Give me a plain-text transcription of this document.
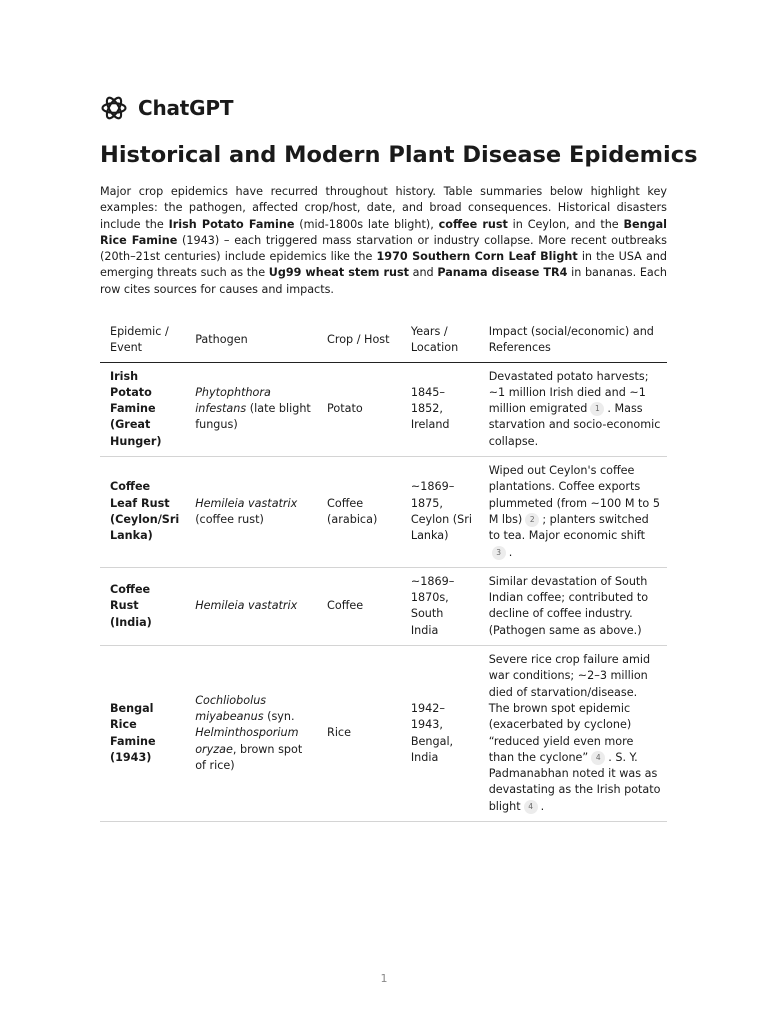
ChatGPT
Historical and Modern Plant Disease Epidemics

Major crop epidemics have recurred throughout history. Table summaries below highlight key examples: the pathogen, affected crop/host, date, and broad consequences. Historical disasters include the Irish Potato Famine (mid-1800s late blight), coffee rust in Ceylon, and the Bengal Rice Famine (1943) – each triggered mass starvation or industry collapse. More recent outbreaks (20th–21st centuries) include epidemics like the 1970 Southern Corn Leaf Blight in the USA and emerging threats such as the Ug99 wheat stem rust and Panama disease TR4 in bananas. Each row cites sources for causes and impacts.

Epidemic / Event	Pathogen	Crop / Host	Years / Location	Impact (social/economic) and References
Irish Potato Famine (Great Hunger)	Phytophthora infestans (late blight fungus)	Potato	1845–1852, Ireland	Devastated potato harvests; ~1 million Irish died and ~1 million emigrated 1 . Mass starvation and socio-economic collapse.
Coffee Leaf Rust (Ceylon/Sri Lanka)	Hemileia vastatrix (coffee rust)	Coffee (arabica)	~1869–1875, Ceylon (Sri Lanka)	Wiped out Ceylon's coffee plantations. Coffee exports plummeted (from ~100 M to 5 M lbs) 2 ; planters switched to tea. Major economic shift3 .
Coffee Rust (India)	Hemileia vastatrix	Coffee	~1869–1870s, South India	Similar devastation of South Indian coffee; contributed to decline of coffee industry. (Pathogen same as above.)
Bengal Rice Famine (1943)	Cochliobolus miyabeanus (syn. Helminthosporium oryzae, brown spot of rice)	Rice	1942–1943, Bengal, India	Severe rice crop failure amid war conditions; ~2–3 million died of starvation/disease. The brown spot epidemic (exacerbated by cyclone) “reduced yield even more than the cyclone” 4 . S. Y. Padmanabhan noted it was as devastating as the Irish potato blight 4 .
1
